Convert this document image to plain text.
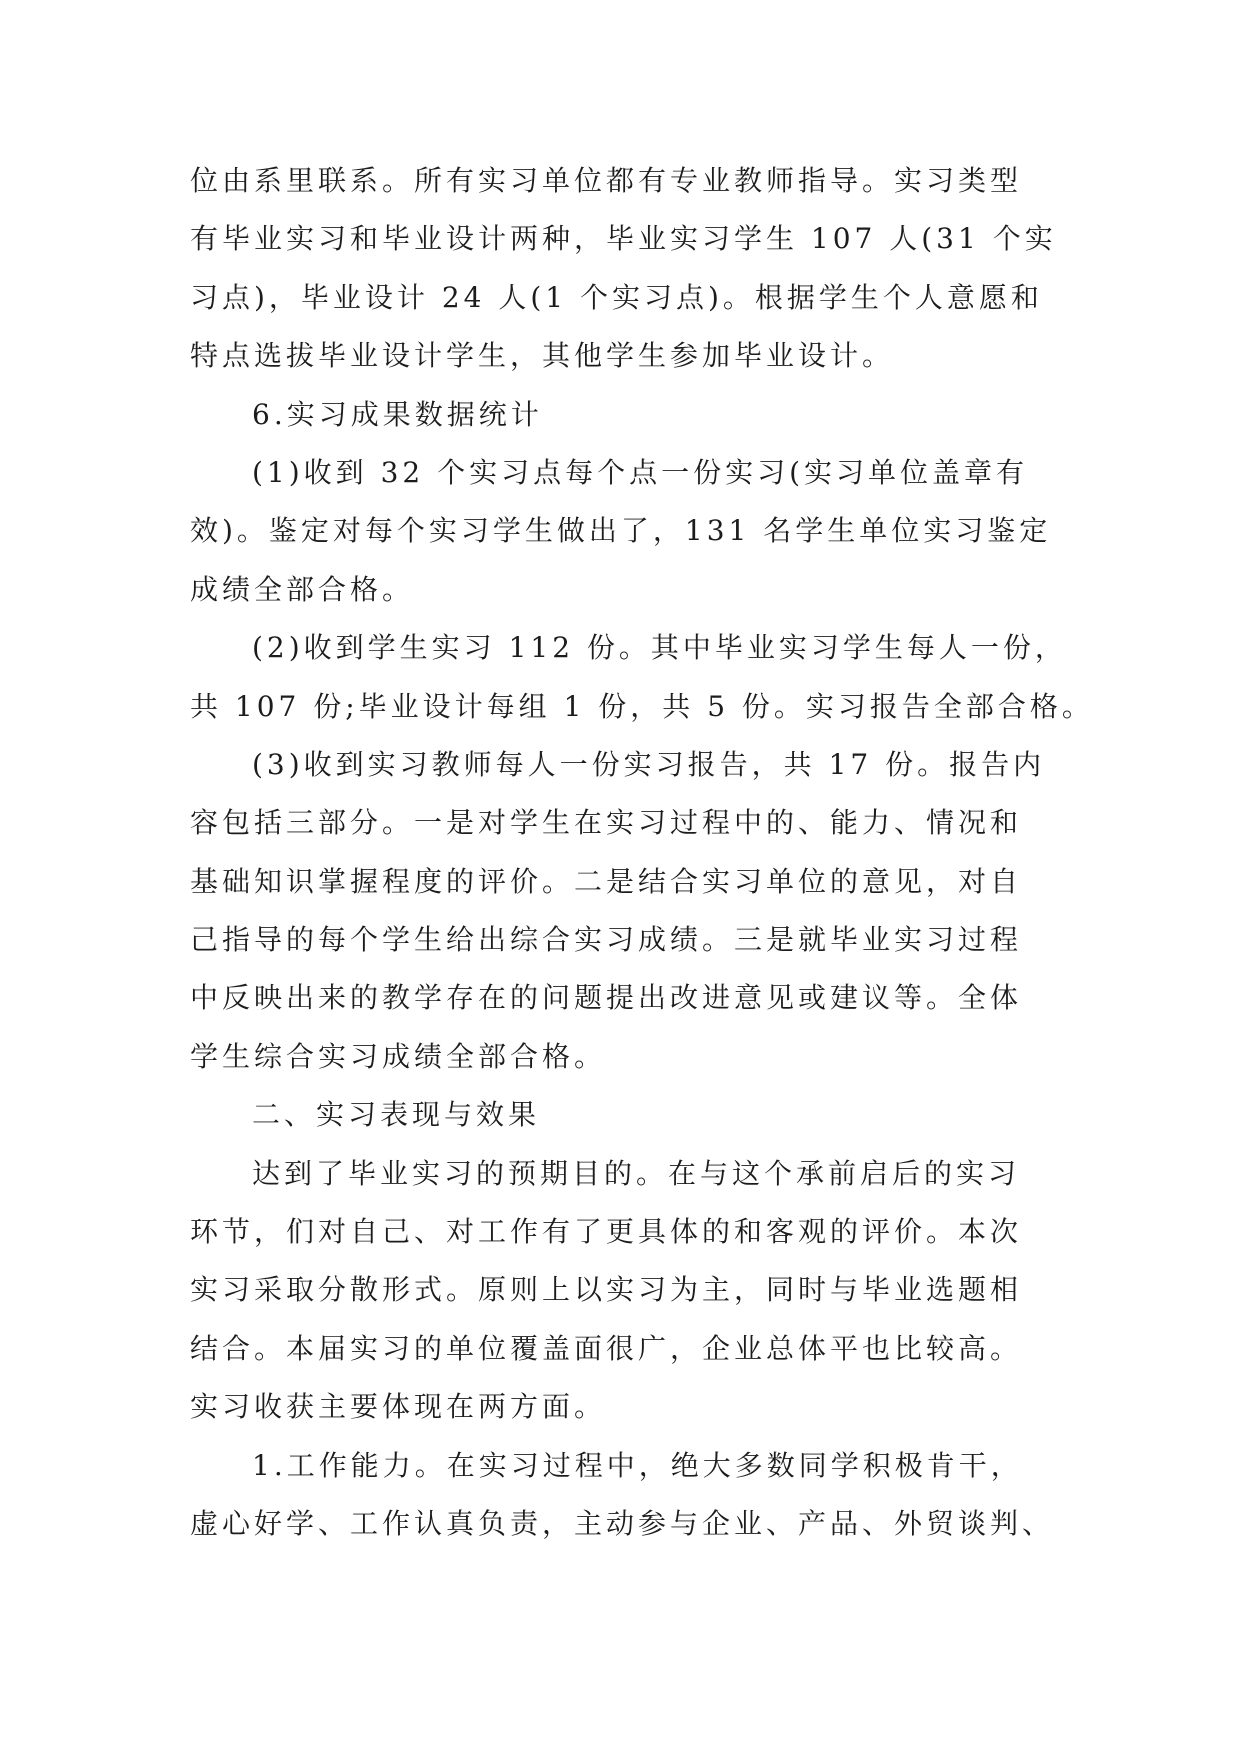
位由系里联系。所有实习单位都有专业教师指导。实习类型
有毕业实习和毕业设计两种，毕业实习学生 107 人(31 个实
习点)，毕业设计 24 人(1 个实习点)。根据学生个人意愿和
特点选拔毕业设计学生，其他学生参加毕业设计。
6.实习成果数据统计
(1)收到 32 个实习点每个点一份实习(实习单位盖章有
效)。鉴定对每个实习学生做出了，131 名学生单位实习鉴定
成绩全部合格。
(2)收到学生实习 112 份。其中毕业实习学生每人一份，
共 107 份;毕业设计每组 1 份，共 5 份。实习报告全部合格。
(3)收到实习教师每人一份实习报告，共 17 份。报告内
容包括三部分。一是对学生在实习过程中的、能力、情况和
基础知识掌握程度的评价。二是结合实习单位的意见，对自
己指导的每个学生给出综合实习成绩。三是就毕业实习过程
中反映出来的教学存在的问题提出改进意见或建议等。全体
学生综合实习成绩全部合格。
二、实习表现与效果
达到了毕业实习的预期目的。在与这个承前启后的实习
环节，们对自己、对工作有了更具体的和客观的评价。本次
实习采取分散形式。原则上以实习为主，同时与毕业选题相
结合。本届实习的单位覆盖面很广，企业总体平也比较高。
实习收获主要体现在两方面。
1.工作能力。在实习过程中，绝大多数同学积极肯干，
虚心好学、工作认真负责，主动参与企业、产品、外贸谈判、
